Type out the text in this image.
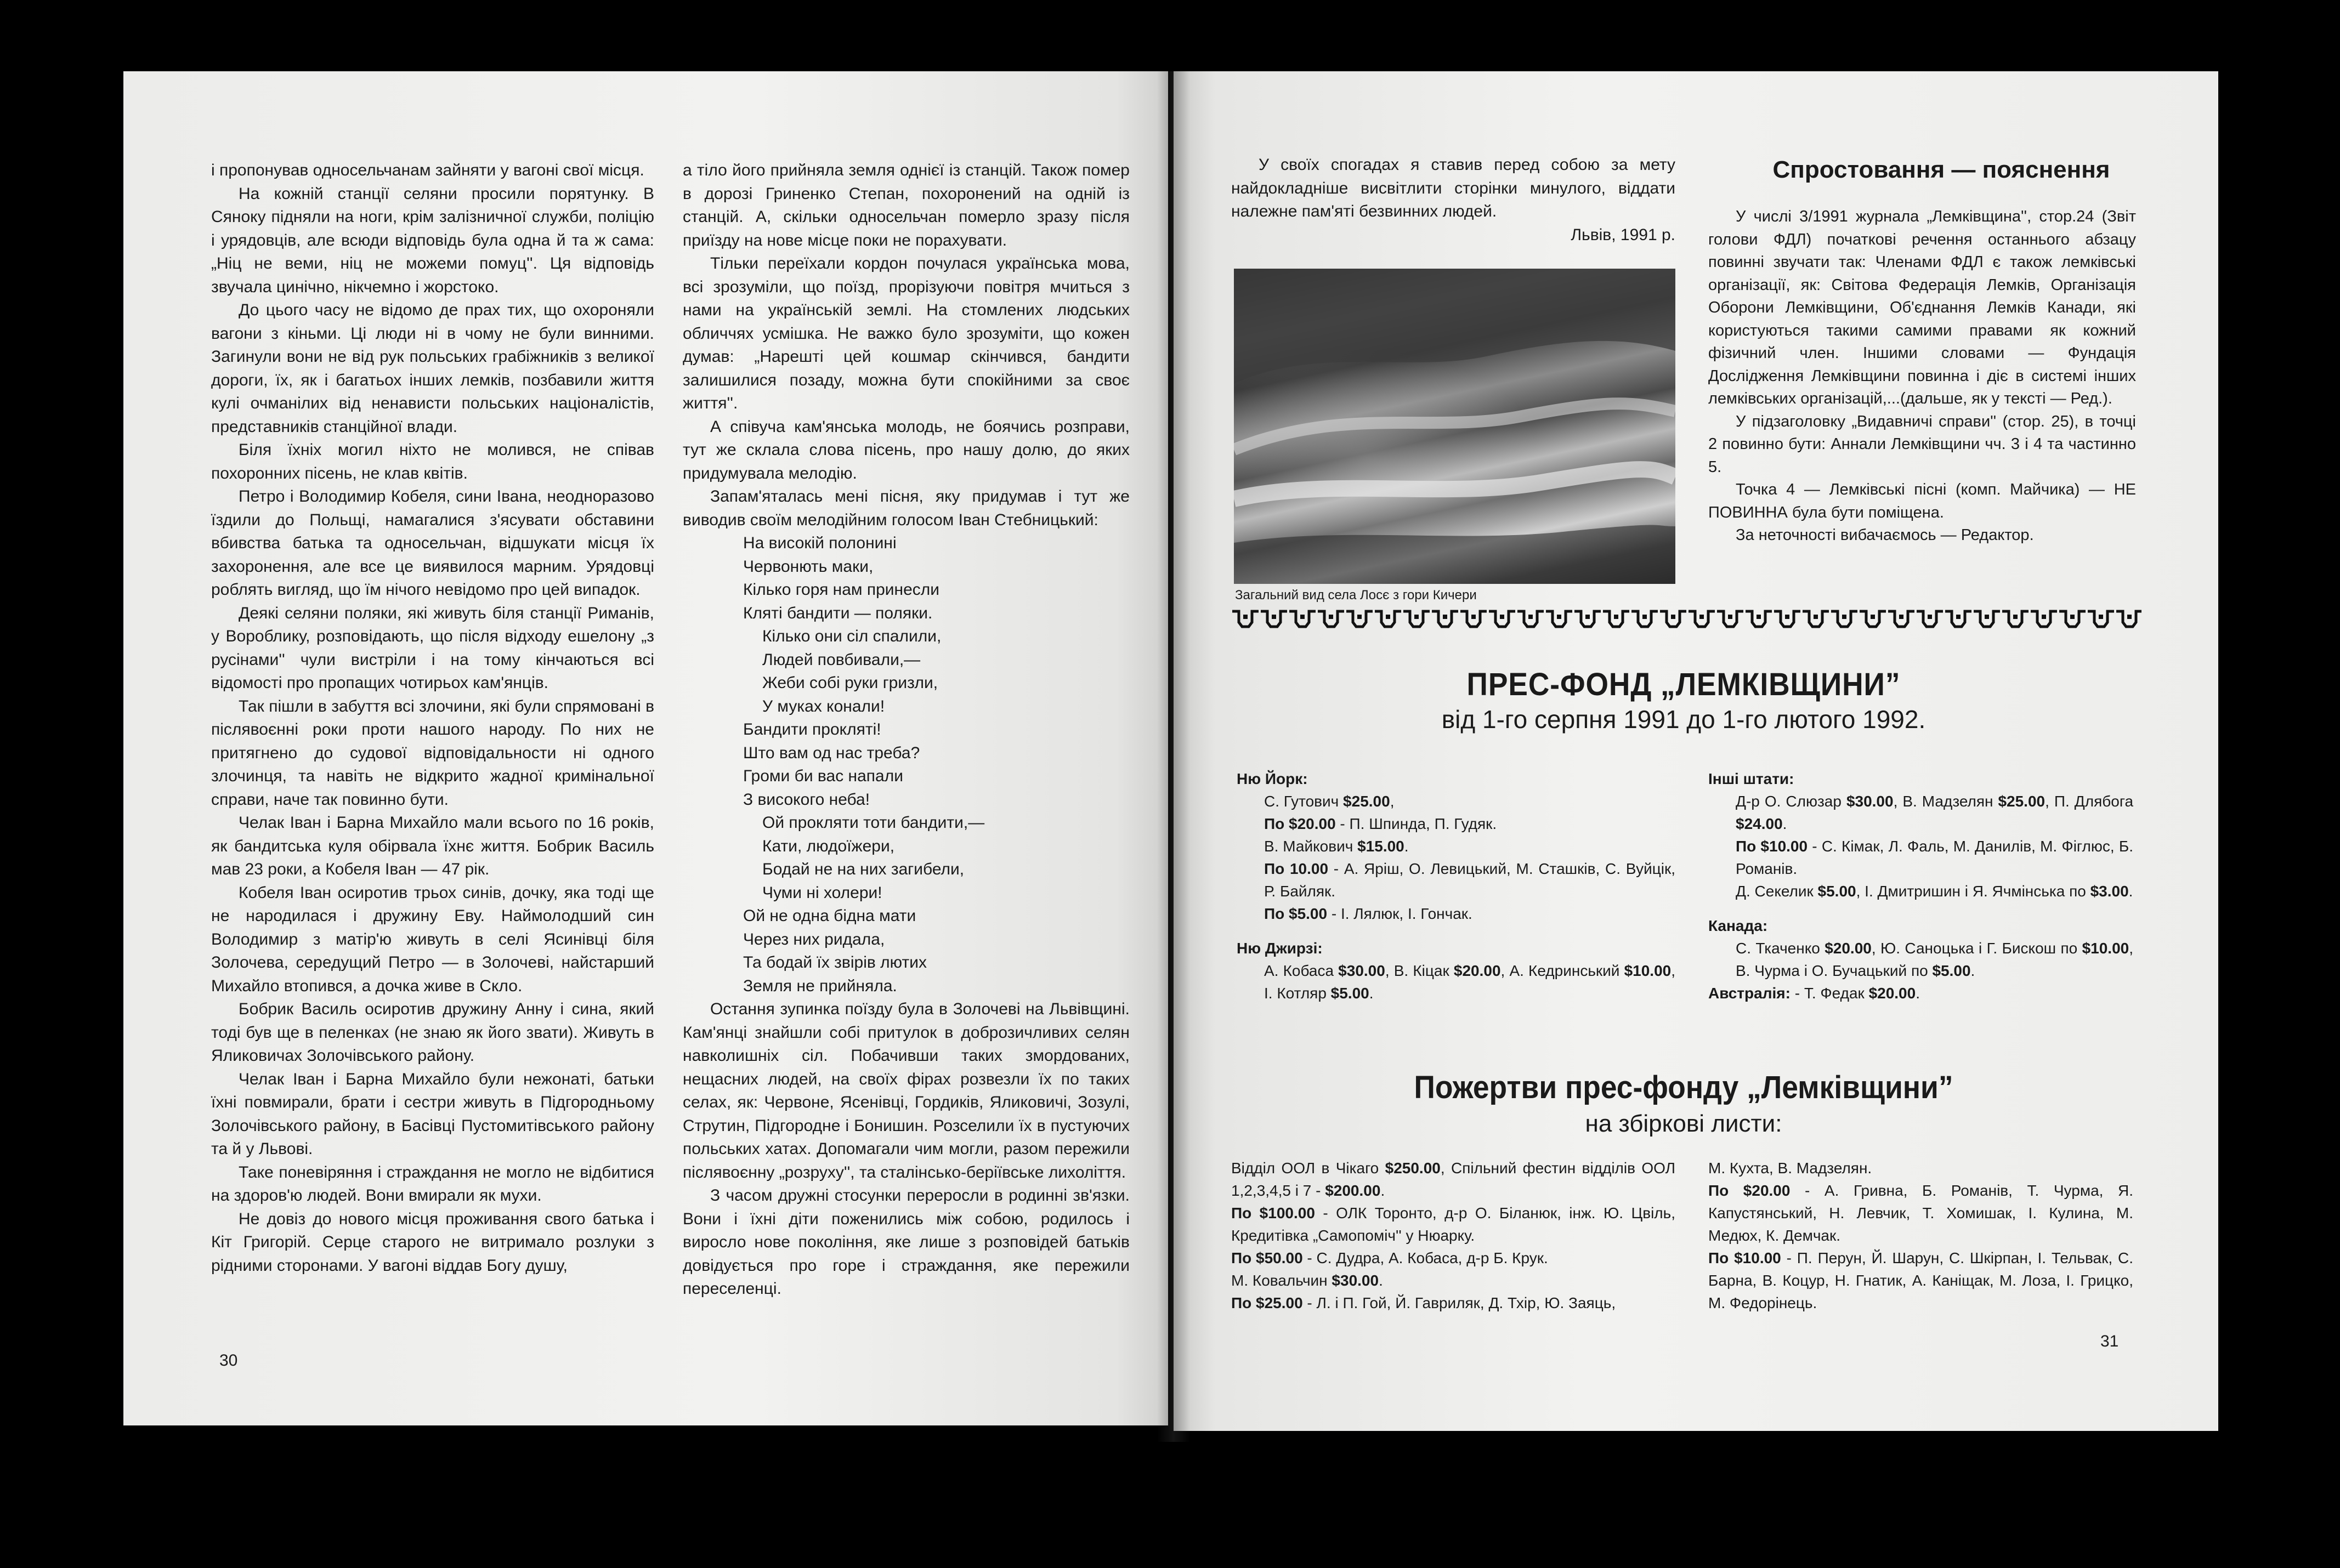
і пропонував односельчанам зайняти у вагоні свої місця.

На кожній станції селяни просили порятунку. В Сяноку підняли на ноги, крім залізничної служби, поліцію і урядовців, але всюди відповідь була одна й та ж сама: „Ніц не веми, ніц не можеми помуц''. Ця відповідь звучала цинічно, нікчемно і жорстоко.

До цього часу не відомо де прах тих, що охороняли вагони з кіньми. Ці люди ні в чому не були винними. Загинули вони не від рук польських грабіжників з великої дороги, їх, як і багатьох інших лемків, позбавили життя кулі очманілих від ненависти польських націоналістів, представників станційної влади.

Біля їхніх могил ніхто не молився, не співав похоронних пісень, не клав квітів.

Петро і Володимир Кобеля, сини Івана, неодноразово їздили до Польщі, намагалися з'ясувати обставини вбивства батька та односельчан, відшукати місця їх захоронення, але все це виявилося марним. Урядовці роблять вигляд, що їм нічого невідомо про цей випадок.

Деякі селяни поляки, які живуть біля станції Риманів, у Вороблику, розповідають, що після відходу ешелону „з русінами'' чули вистріли і на тому кінчаються всі відомості про пропащих чотирьох кам'янців.

Так пішли в забуття всі злочини, які були спрямовані в післявоєнні роки проти нашого народу. По них не притягнено до судової відповідальности ні одного злочинця, та навіть не відкрито жадної кримінальної справи, наче так повинно бути.

Челак Іван і Барна Михайло мали всього по 16 років, як бандитська куля обірвала їхнє життя. Бобрик Василь мав 23 роки, а Кобеля Іван — 47 рік.

Кобеля Іван осиротив трьох синів, дочку, яка тоді ще не народилася і дружину Еву. Наймолодший син Володимир з матір'ю живуть в селі Ясинівці біля Золочева, середущий Петро — в Золочеві, найстарший Михайло втопився, а дочка живе в Скло.

Бобрик Василь осиротив дружину Анну і сина, який тоді був ще в пеленках (не знаю як його звати). Живуть в Яликовичах Золочівського району.

Челак Іван і Барна Михайло були нежонаті, батьки їхні повмирали, брати і сестри живуть в Підгородньому Золочівського району, в Басівці Пустомитівського району та й у Львові.

Таке поневіряння і страждання не могло не відбитися на здоров'ю людей. Вони вмирали як мухи.

Не довіз до нового місця проживання свого батька і Кіт Григорій. Серце старого не витримало розлуки з рідними сторонами. У вагоні віддав Богу душу,

а тіло його прийняла земля однієї із станцій. Також помер в дорозі Гриненко Степан, похоронений на одній із станцій. А, скільки односельчан померло зразу після приїзду на нове місце поки не порахувати.

Тільки переїхали кордон почулася українська мова, всі зрозуміли, що поїзд, прорізуючи повітря мчиться з нами на українській землі. На стомлених людських обличчях усмішка. Не важко було зрозуміти, що кожен думав: „Нарешті цей кошмар скінчився, бандити залишилися позаду, можна бути спокійними за своє життя''.

А співуча кам'янська молодь, не боячись розправи, тут же склала слова пісень, про нашу долю, до яких придумувала мелодію.

Запам'яталась мені пісня, яку придумав і тут же виводив своїм мелодійним голосом Іван Стебницький:

На високій полонині

Червонють маки,

Кілько горя нам принесли

Кляті бандити — поляки.

Кілько они сіл спалили,

Людей повбивали,—

Жеби собі руки гризли,

У муках конали!

Бандити прокляті!

Што вам од нас треба?

Громи би вас напали

З високого неба!

Ой прокляти тоти бандити,—

Кати, людоїжери,

Бодай не на них загибели,

Чуми ні холери!

Ой не одна бідна мати

Через них ридала,

Та бодай їх звірів лютих

Земля не прийняла.

Остання зупинка поїзду була в Золочеві на Львівщині. Кам'янці знайшли собі притулок в доброзичливих селян навколишніх сіл. Побачивши таких змордованих, нещасних людей, на своїх фірах розвезли їх по таких селах, як: Червоне, Ясенівці, Гордиків, Яликовичі, Зозулі, Струтин, Підгородне і Бонишин. Розселили їх в пустуючих польських хатах. Допомагали чим могли, разом пережили післявоєнну „розруху'', та сталінсько-беріївське лихоліття.

З часом дружні стосунки переросли в родинні зв'язки. Вони і їхні діти поженились між собою, родилось і виросло нове покоління, яке лише з розповідей батьків довідується про горе і страждання, яке пережили переселенці.

30

У своїх спогадах я ставив перед собою за мету найдокладніше висвітлити сторінки минулого, віддати належне пам'яті безвинних людей.

Львів, 1991 р.

Загальний вид села Лосє з гори Кичери
Спростовання — пояснення

У числі 3/1991 журнала „Лемківщина'', стор.24 (Звіт голови ФДЛ) початкові речення останнього абзацу повинні звучати так: Членами ФДЛ є також лемківські організації, як: Світова Федерація Лемків, Організація Оборони Лемківщини, Об'єднання Лемків Канади, які користуються такими самими правами як кожний фізичний член. Іншими словами — Фундація Дослідження Лемківщини повинна і діє в системі інших лемківських організацій,...(дальше, як у тексті — Ред.).

У підзаголовку „Видавничі справи'' (стор. 25), в точці 2 повинно бути: Аннали Лемківщини чч. 3 і 4 та частинно 5.

Точка 4 — Лемківські пісні (комп. Майчика) — НЕ ПОВИННА була бути поміщена.

За неточності вибачаємось — Редактор.

ПРЕС-ФОНД „ЛЕМКІВЩИНИ”
від 1-го серпня 1991 до 1-го лютого 1992.
Ню Йорк:
С. Гутович $25.00,
По $20.00 - П. Шпинда, П. Гудяк.
В. Майкович $15.00.
По 10.00 - А. Яріш, О. Левицький, М. Сташків, С. Вуйцік, Р. Байляк.
По $5.00 - І. Лялюк, І. Гончак.
Ню Джирзі:
А. Кобаса $30.00, В. Кіцак $20.00, А. Кедринський $10.00, І. Котляр $5.00.
Інші штати:
Д-р О. Слюзар $30.00, В. Мадзелян $25.00, П. Длябога $24.00.
По $10.00 - С. Кімак, Л. Фаль, М. Данилів, М. Фіглюс, Б. Романів.
Д. Секелик $5.00, І. Дмитришин і Я. Ячмінська по $3.00.
Канада:
С. Ткаченко $20.00, Ю. Саноцька і Г. Бискош по $10.00, В. Чурма і О. Бучацький по $5.00.
Австралія: - Т. Федак $20.00.
Пожертви прес-фонду „Лемківщини”
на збіркові листи:
Відділ ООЛ в Чікаго $250.00, Спільний фестин відділів ООЛ 1,2,3,4,5 і 7 - $200.00.
По $100.00 - ОЛК Торонто, д-р О. Біланюк, інж. Ю. Цвіль, Кредитівка „Самопоміч'' у Нюарку.
По $50.00 - С. Дудра, А. Кобаса, д-р Б. Крук.
М. Ковальчин $30.00.
По $25.00 - Л. і П. Гой, Й. Гавриляк, Д. Тхір, Ю. Заяць,
М. Кухта, В. Мадзелян.
По $20.00 - А. Гривна, Б. Романів, Т. Чурма, Я. Капустянський, Н. Левчик, Т. Хомишак, І. Кулина, М. Медюх, К. Демчак.
По $10.00 - П. Перун, Й. Шарун, С. Шкірпан, І. Тельвак, С. Барна, В. Коцур, Н. Гнатик, А. Каніщак, М. Лоза, І. Грицко, М. Федорінець.
31
